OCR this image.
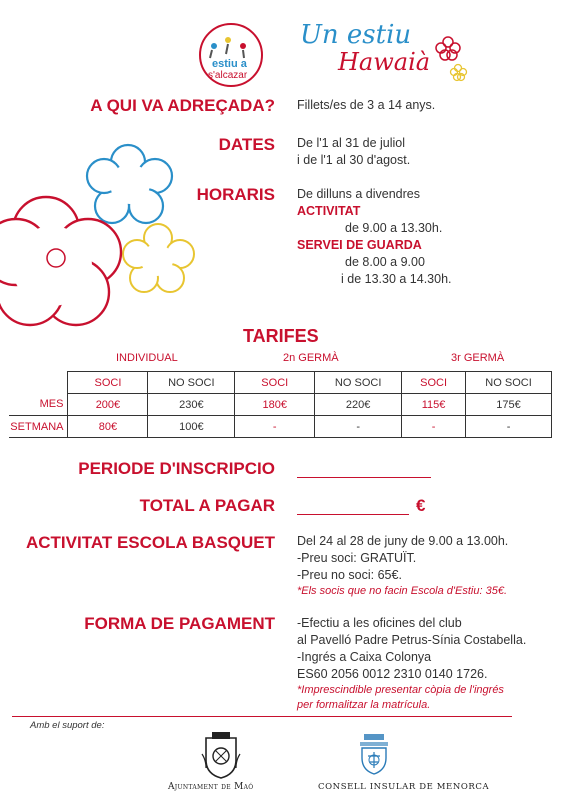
estiu a
s'alcazar
Un estiu
Hawaià
A QUI VA ADREÇADA? Fillets/es de 3 a 14 anys.
DATES De l'1 al 31 de juliol
i de l'1 al 30 d'agost.
HORARIS De dilluns a divendres
ACTIVITAT
de 9.00 a 13.30h.
SERVEI DE GUARDA
de 8.00 a 9.00
i de 13.30 a 14.30h.
TARIFES
INDIVIDUAL	2n GERMÀ	3r GERMÀ
	SOCI	NO SOCI	SOCI	NO SOCI	SOCI	NO SOCI
MES	200€	230€	180€	220€	115€	175€
SETMANA	80€	100€	-	-	-	-
PERIODE D'INSCRIPCIO
TOTAL A PAGAR	€
ACTIVITAT ESCOLA BASQUET Del 24 al 28 de juny de 9.00 a 13.00h.
-Preu soci: GRATUÏT.
-Preu no soci: 65€.
*Els socis que no facin Escola d'Estiu: 35€.
FORMA DE PAGAMENT -Efectiu a les oficines del club
al Pavelló Padre Petrus-Sínia Costabella.
-Ingrés a Caixa Colonya
ES60 2056 0012 2310 0140 1726.
*Imprescindible presentar còpia de l'ingrés
per formalitzar la matrícula.
Amb el suport de:
Ajuntament de Maó	CONSELL INSULAR DE MENORCA
